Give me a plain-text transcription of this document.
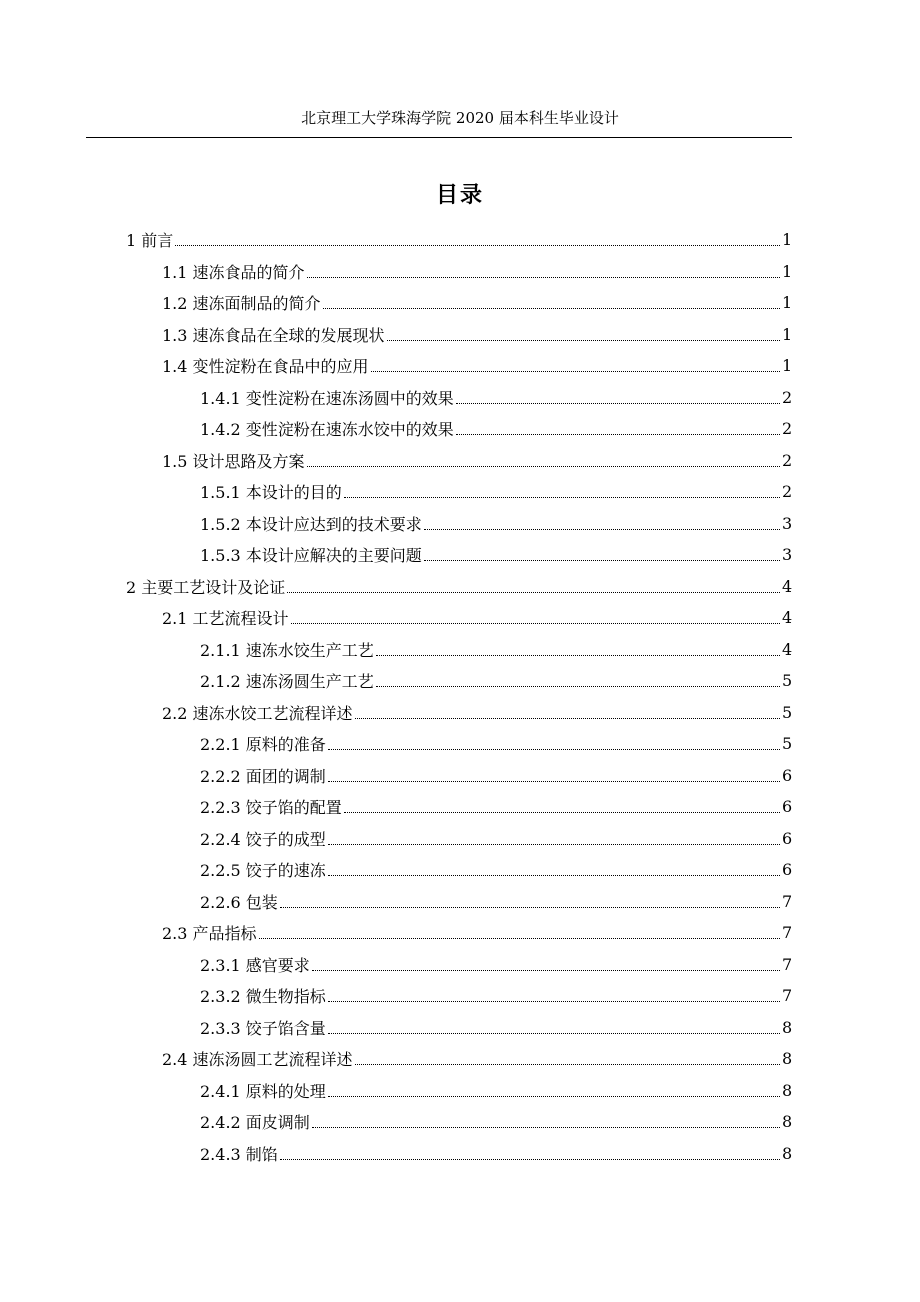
北京理工大学珠海学院 2020 届本科生毕业设计
目录
1 前言	1
1.1 速冻食品的简介	1
1.2 速冻面制品的简介	1
1.3 速冻食品在全球的发展现状	1
1.4 变性淀粉在食品中的应用	1
1.4.1 变性淀粉在速冻汤圆中的效果	2
1.4.2 变性淀粉在速冻水饺中的效果	2
1.5 设计思路及方案	2
1.5.1 本设计的目的	2
1.5.2 本设计应达到的技术要求	3
1.5.3 本设计应解决的主要问题	3
2 主要工艺设计及论证	4
2.1 工艺流程设计	4
2.1.1 速冻水饺生产工艺	4
2.1.2 速冻汤圆生产工艺	5
2.2 速冻水饺工艺流程详述	5
2.2.1 原料的准备	5
2.2.2 面团的调制	6
2.2.3 饺子馅的配置	6
2.2.4 饺子的成型	6
2.2.5 饺子的速冻	6
2.2.6 包装	7
2.3 产品指标	7
2.3.1 感官要求	7
2.3.2 微生物指标	7
2.3.3 饺子馅含量	8
2.4 速冻汤圆工艺流程详述	8
2.4.1 原料的处理	8
2.4.2 面皮调制	8
2.4.3 制馅	8
